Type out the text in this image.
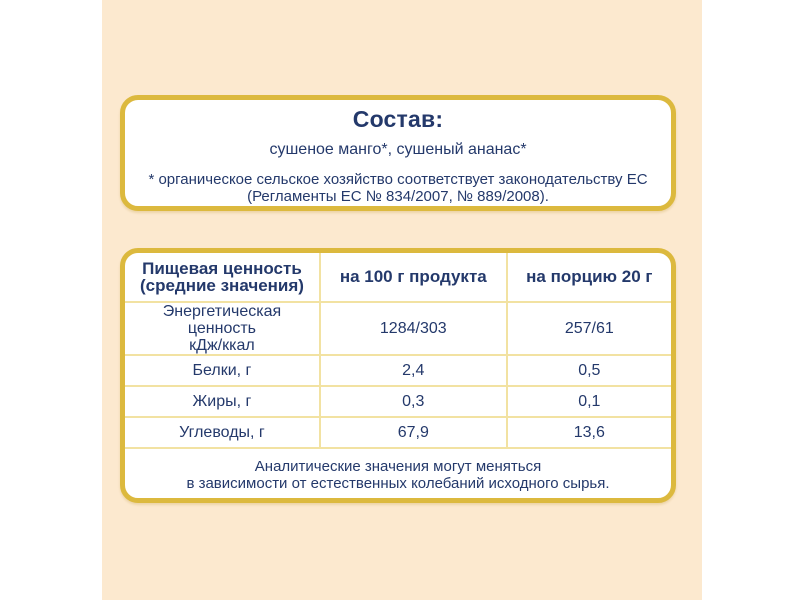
Состав:

сушеное манго*, сушеный ананас*

* органическое сельское хозяйство соответствует законодательству ЕС
(Регламенты ЕС № 834/2007, № 889/2008).

Пищевая ценность
(средние значения)	на 100 г продукта	на порцию 20 г

Энергетическая ценность
кДж/ккал	1284/303	257/61
Белки, г	2,4	0,5
Жиры, г	0,3	0,1
Углеводы, г	67,9	13,6

Аналитические значения могут меняться
в зависимости от естественных колебаний исходного сырья.
